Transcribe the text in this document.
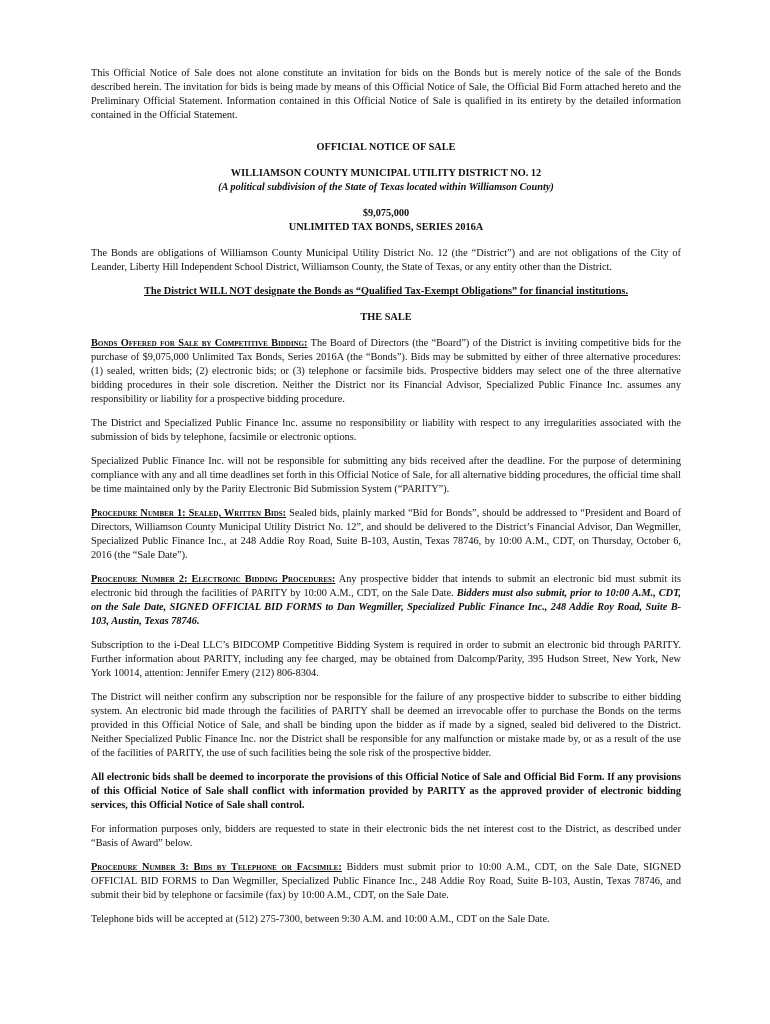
This Official Notice of Sale does not alone constitute an invitation for bids on the Bonds but is merely notice of the sale of the Bonds described herein. The invitation for bids is being made by means of this Official Notice of Sale, the Official Bid Form attached hereto and the Preliminary Official Statement. Information contained in this Official Notice of Sale is qualified in its entirety by the detailed information contained in the Official Statement.

OFFICIAL NOTICE OF SALE

WILLIAMSON COUNTY MUNICIPAL UTILITY DISTRICT NO. 12

(A political subdivision of the State of Texas located within Williamson County)

$9,075,000

UNLIMITED TAX BONDS, SERIES 2016A

The Bonds are obligations of Williamson County Municipal Utility District No. 12 (the “District”) and are not obligations of the City of Leander, Liberty Hill Independent School District, Williamson County, the State of Texas, or any entity other than the District.

The District WILL NOT designate the Bonds as “Qualified Tax-Exempt Obligations” for financial institutions.

THE SALE

Bonds Offered for Sale by Competitive Bidding: The Board of Directors (the “Board”) of the District is inviting competitive bids for the purchase of $9,075,000 Unlimited Tax Bonds, Series 2016A (the “Bonds”). Bids may be submitted by either of three alternative procedures: (1) sealed, written bids; (2) electronic bids; or (3) telephone or facsimile bids. Prospective bidders may select one of the three alternative bidding procedures in their sole discretion. Neither the District nor its Financial Advisor, Specialized Public Finance Inc. assumes any responsibility or liability for a prospective bidding procedure.

The District and Specialized Public Finance Inc. assume no responsibility or liability with respect to any irregularities associated with the submission of bids by telephone, facsimile or electronic options.

Specialized Public Finance Inc. will not be responsible for submitting any bids received after the deadline. For the purpose of determining compliance with any and all time deadlines set forth in this Official Notice of Sale, for all alternative bidding procedures, the official time shall be time maintained only by the Parity Electronic Bid Submission System (“PARITY”).

Procedure Number 1: Sealed, Written Bids: Sealed bids, plainly marked “Bid for Bonds”, should be addressed to “President and Board of Directors, Williamson County Municipal Utility District No. 12”, and should be delivered to the District’s Financial Advisor, Dan Wegmiller, Specialized Public Finance Inc., at 248 Addie Roy Road, Suite B-103, Austin, Texas 78746, by 10:00 A.M., CDT, on Thursday, October 6, 2016 (the “Sale Date”).

Procedure Number 2: Electronic Bidding Procedures: Any prospective bidder that intends to submit an electronic bid must submit its electronic bid through the facilities of PARITY by 10:00 A.M., CDT, on the Sale Date. Bidders must also submit, prior to 10:00 A.M., CDT, on the Sale Date, SIGNED OFFICIAL BID FORMS to Dan Wegmiller, Specialized Public Finance Inc., 248 Addie Roy Road, Suite B-103, Austin, Texas 78746.

Subscription to the i-Deal LLC’s BIDCOMP Competitive Bidding System is required in order to submit an electronic bid through PARITY. Further information about PARITY, including any fee charged, may be obtained from Dalcomp/Parity, 395 Hudson Street, New York, New York 10014, attention: Jennifer Emery (212) 806-8304.

The District will neither confirm any subscription nor be responsible for the failure of any prospective bidder to subscribe to either bidding system. An electronic bid made through the facilities of PARITY shall be deemed an irrevocable offer to purchase the Bonds on the terms provided in this Official Notice of Sale, and shall be binding upon the bidder as if made by a signed, sealed bid delivered to the District. Neither Specialized Public Finance Inc. nor the District shall be responsible for any malfunction or mistake made by, or as a result of the use of the facilities of PARITY, the use of such facilities being the sole risk of the prospective bidder.

All electronic bids shall be deemed to incorporate the provisions of this Official Notice of Sale and Official Bid Form. If any provisions of this Official Notice of Sale shall conflict with information provided by PARITY as the approved provider of electronic bidding services, this Official Notice of Sale shall control.

For information purposes only, bidders are requested to state in their electronic bids the net interest cost to the District, as described under “Basis of Award” below.

Procedure Number 3: Bids by Telephone or Facsimile: Bidders must submit prior to 10:00 A.M., CDT, on the Sale Date, SIGNED OFFICIAL BID FORMS to Dan Wegmiller, Specialized Public Finance Inc., 248 Addie Roy Road, Suite B-103, Austin, Texas 78746, and submit their bid by telephone or facsimile (fax) by 10:00 A.M., CDT, on the Sale Date.

Telephone bids will be accepted at (512) 275-7300, between 9:30 A.M. and 10:00 A.M., CDT on the Sale Date.
